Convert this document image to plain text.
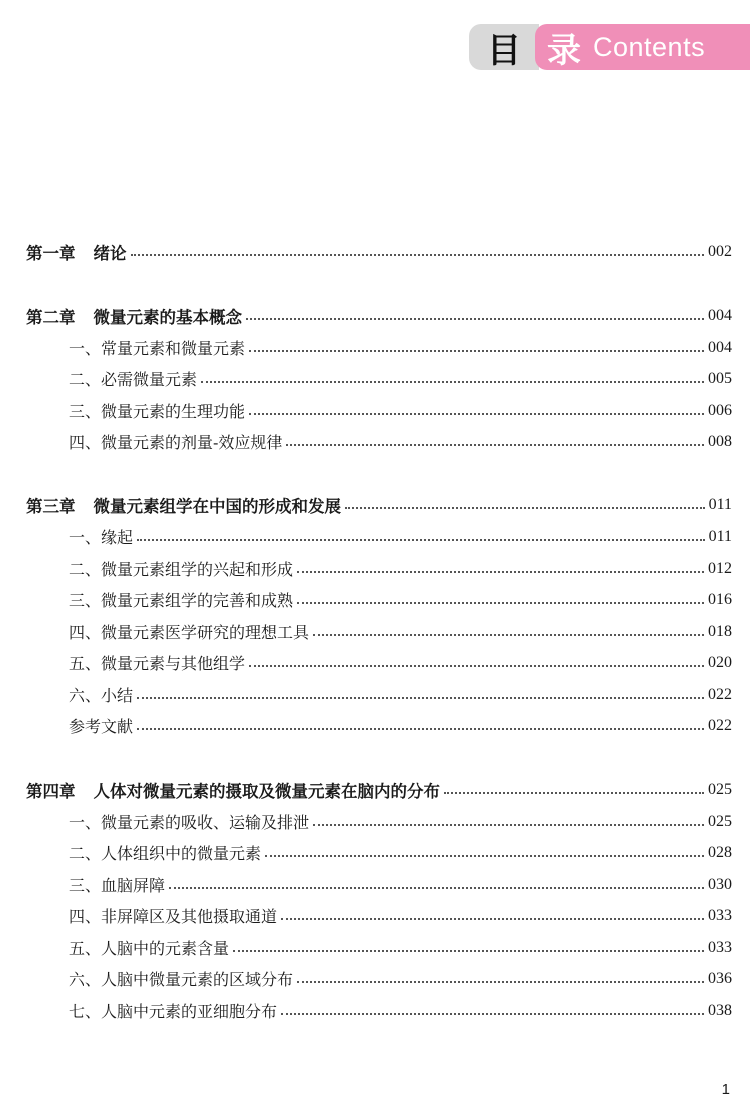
目 录 Contents
第一章 绪论	002
第二章 微量元素的基本概念	004
一、常量元素和微量元素	004
二、必需微量元素	005
三、微量元素的生理功能	006
四、微量元素的剂量-效应规律	008
第三章 微量元素组学在中国的形成和发展	011
一、缘起	011
二、微量元素组学的兴起和形成	012
三、微量元素组学的完善和成熟	016
四、微量元素医学研究的理想工具	018
五、微量元素与其他组学	020
六、小结	022
参考文献	022
第四章 人体对微量元素的摄取及微量元素在脑内的分布	025
一、微量元素的吸收、运输及排泄	025
二、人体组织中的微量元素	028
三、血脑屏障	030
四、非屏障区及其他摄取通道	033
五、人脑中的元素含量	033
六、人脑中微量元素的区域分布	036
七、人脑中元素的亚细胞分布	038
1
